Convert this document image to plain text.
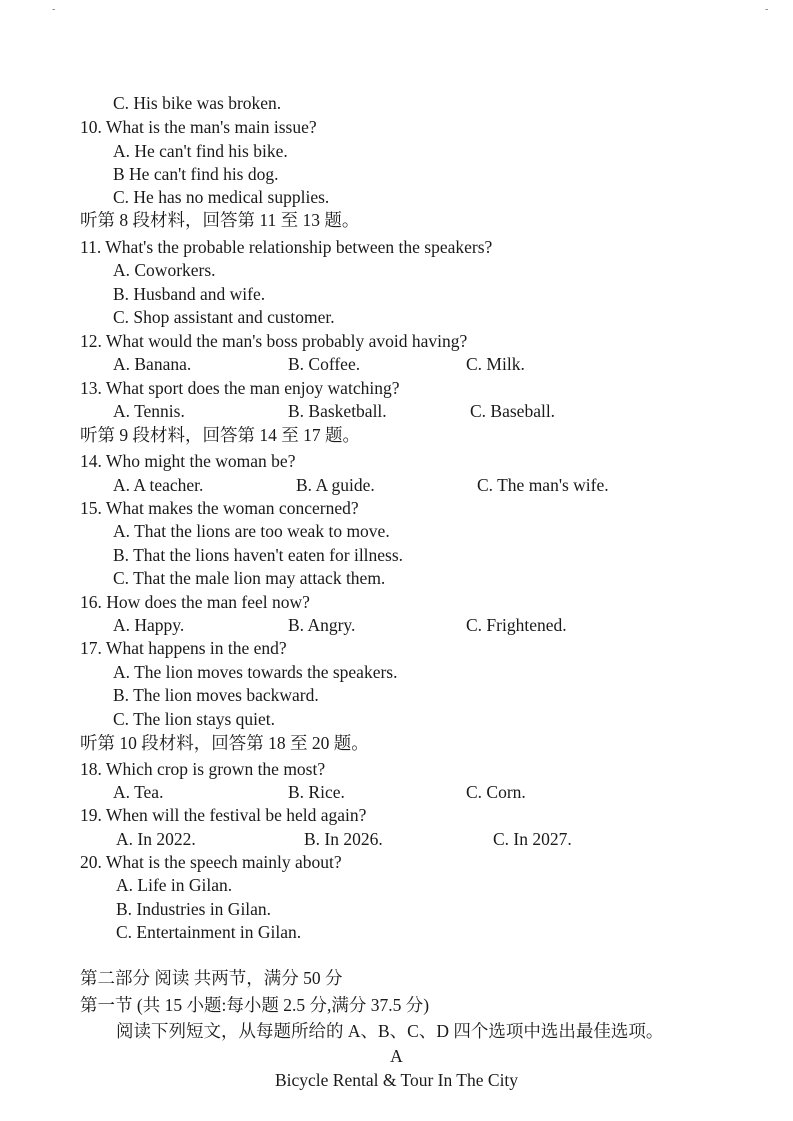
-	-
C. His bike was broken.
10. What is the man's main issue?
A. He can't find his bike.
B He can't find his dog.
C. He has no medical supplies.
听第 8 段材料，回答第 11 至 13 题。
11. What's the probable relationship between the speakers?
A. Coworkers.
B. Husband and wife.
C. Shop assistant and customer.
12. What would the man's boss probably avoid having?
A. Banana.	B. Coffee.	C. Milk.
13. What sport does the man enjoy watching?
A. Tennis.	B. Basketball.	C. Baseball.
听第 9 段材料，回答第 14 至 17 题。
14. Who might the woman be?
A. A teacher.	B. A guide.	C. The man's wife.
15. What makes the woman concerned?
A. That the lions are too weak to move.
B. That the lions haven't eaten for illness.
C. That the male lion may attack them.
16. How does the man feel now?
A. Happy.	B. Angry.	C. Frightened.
17. What happens in the end?
A. The lion moves towards the speakers.
B. The lion moves backward.
C. The lion stays quiet.
听第 10 段材料，回答第 18 至 20 题。
18. Which crop is grown the most?
A. Tea.	B. Rice.	C. Corn.
19. When will the festival be held again?
A. In 2022.	B. In 2026.	C. In 2027.
20. What is the speech mainly about?
A. Life in Gilan.
B. Industries in Gilan.
C. Entertainment in Gilan.
第二部分 阅读 共两节，满分 50 分
第一节 (共 15 小题:每小题 2.5 分,满分 37.5 分)
阅读下列短文，从每题所给的 A、B、C、D 四个选项中选出最佳选项。
A
Bicycle Rental & Tour In The City
